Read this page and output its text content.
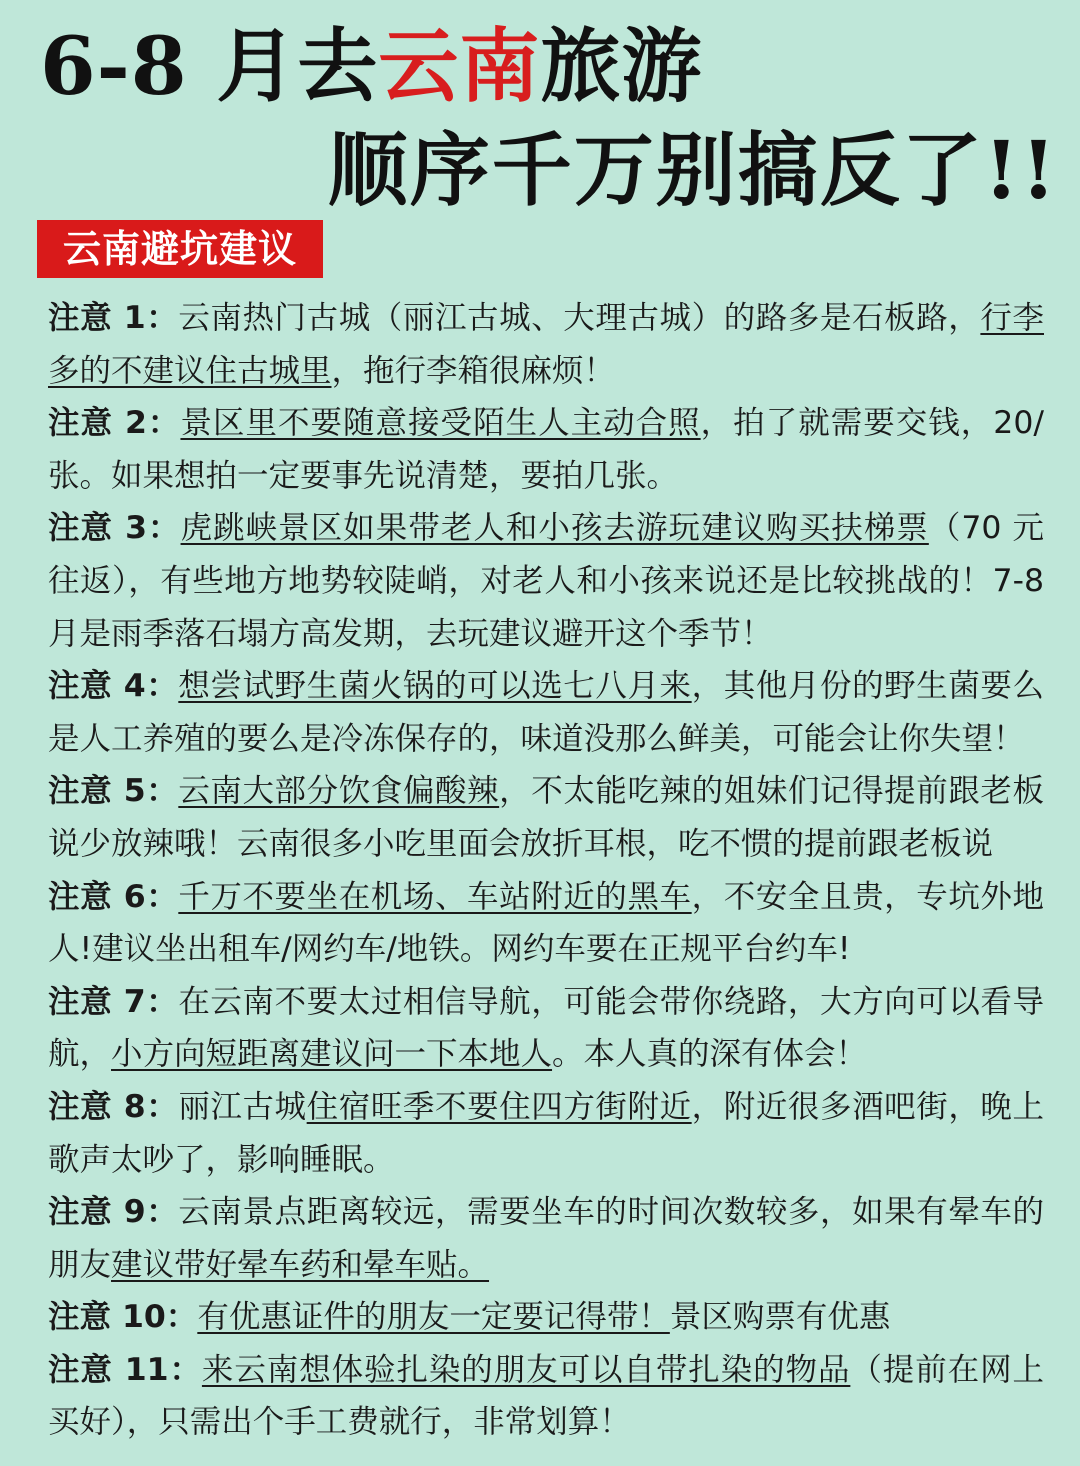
6-8 月去云南旅游
顺序千万别搞反了!!
云南避坑建议

注意 1：云南热门古城（丽江古城、大理古城）的路多是石板路，行李多的不建议住古城里，拖行李箱很麻烦！

注意 2：景区里不要随意接受陌生人主动合照，拍了就需要交钱，20/张。如果想拍一定要事先说清楚，要拍几张。

注意 3：虎跳峡景区如果带老人和小孩去游玩建议购买扶梯票（70 元往返），有些地方地势较陡峭，对老人和小孩来说还是比较挑战的！7-8 月是雨季落石塌方高发期，去玩建议避开这个季节！

注意 4：想尝试野生菌火锅的可以选七八月来，其他月份的野生菌要么是人工养殖的要么是冷冻保存的，味道没那么鲜美，可能会让你失望！

注意 5：云南大部分饮食偏酸辣，不太能吃辣的姐妹们记得提前跟老板说少放辣哦！云南很多小吃里面会放折耳根，吃不惯的提前跟老板说

注意 6：千万不要坐在机场、车站附近的黑车，不安全且贵，专坑外地人!建议坐出租车/网约车/地铁。网约车要在正规平台约车!

注意 7：在云南不要太过相信导航，可能会带你绕路，大方向可以看导航，小方向短距离建议问一下本地人。本人真的深有体会！

注意 8：丽江古城住宿旺季不要住四方街附近，附近很多酒吧街，晚上歌声太吵了，影响睡眠。

注意 9：云南景点距离较远，需要坐车的时间次数较多，如果有晕车的朋友建议带好晕车药和晕车贴。

注意 10：有优惠证件的朋友一定要记得带！景区购票有优惠

注意 11：来云南想体验扎染的朋友可以自带扎染的物品（提前在网上买好），只需出个手工费就行，非常划算！
